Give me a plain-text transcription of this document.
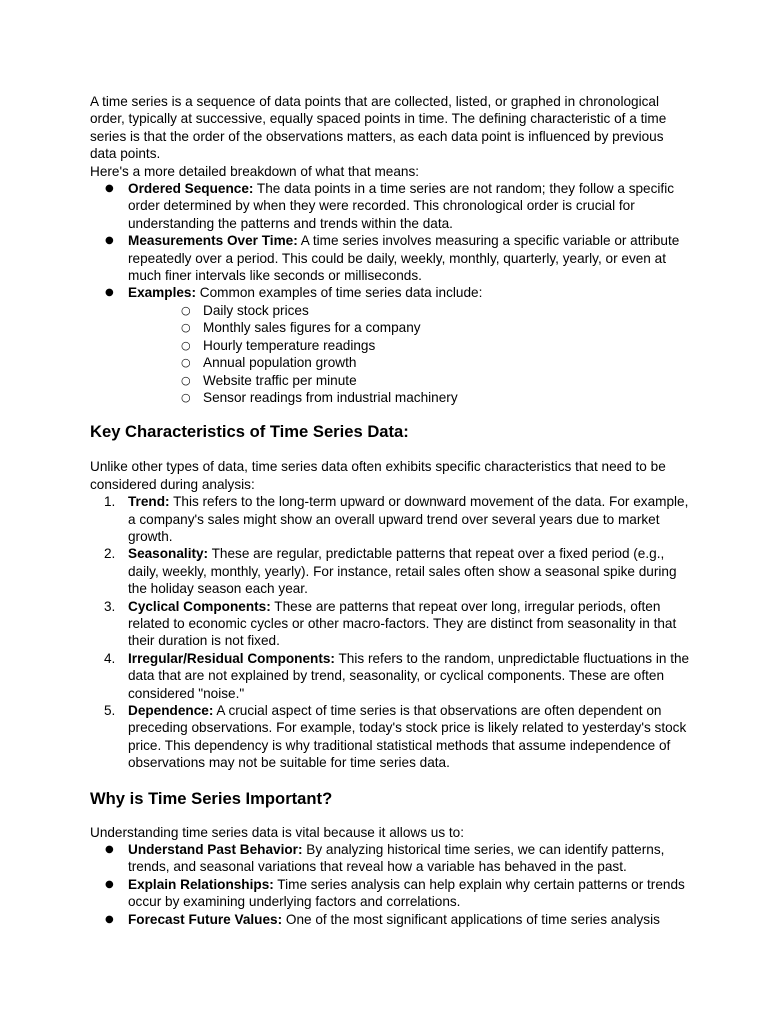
A time series is a sequence of data points that are collected, listed, or graphed in chronological order, typically at successive, equally spaced points in time. The defining characteristic of a time series is that the order of the observations matters, as each data point is influenced by previous data points.

Here's a more detailed breakdown of what that means:

● Ordered Sequence: The data points in a time series are not random; they follow a specific order determined by when they were recorded. This chronological order is crucial for understanding the patterns and trends within the data.
● Measurements Over Time: A time series involves measuring a specific variable or attribute repeatedly over a period. This could be daily, weekly, monthly, quarterly, yearly, or even at much finer intervals like seconds or milliseconds.
● Examples: Common examples of time series data include:
○ Daily stock prices
○ Monthly sales figures for a company
○ Hourly temperature readings
○ Annual population growth
○ Website traffic per minute
○ Sensor readings from industrial machinery
Key Characteristics of Time Series Data:

Unlike other types of data, time series data often exhibits specific characteristics that need to be considered during analysis:

1. Trend: This refers to the long-term upward or downward movement of the data. For example, a company's sales might show an overall upward trend over several years due to market growth.
2. Seasonality: These are regular, predictable patterns that repeat over a fixed period (e.g., daily, weekly, monthly, yearly). For instance, retail sales often show a seasonal spike during the holiday season each year.
3. Cyclical Components: These are patterns that repeat over long, irregular periods, often related to economic cycles or other macro-factors. They are distinct from seasonality in that their duration is not fixed.
4. Irregular/Residual Components: This refers to the random, unpredictable fluctuations in the data that are not explained by trend, seasonality, or cyclical components. These are often considered "noise."
5. Dependence: A crucial aspect of time series is that observations are often dependent on preceding observations. For example, today's stock price is likely related to yesterday's stock price. This dependency is why traditional statistical methods that assume independence of observations may not be suitable for time series data.
Why is Time Series Important?

Understanding time series data is vital because it allows us to:

● Understand Past Behavior: By analyzing historical time series, we can identify patterns, trends, and seasonal variations that reveal how a variable has behaved in the past.
● Explain Relationships: Time series analysis can help explain why certain patterns or trends occur by examining underlying factors and correlations.
● Forecast Future Values: One of the most significant applications of time series analysis
